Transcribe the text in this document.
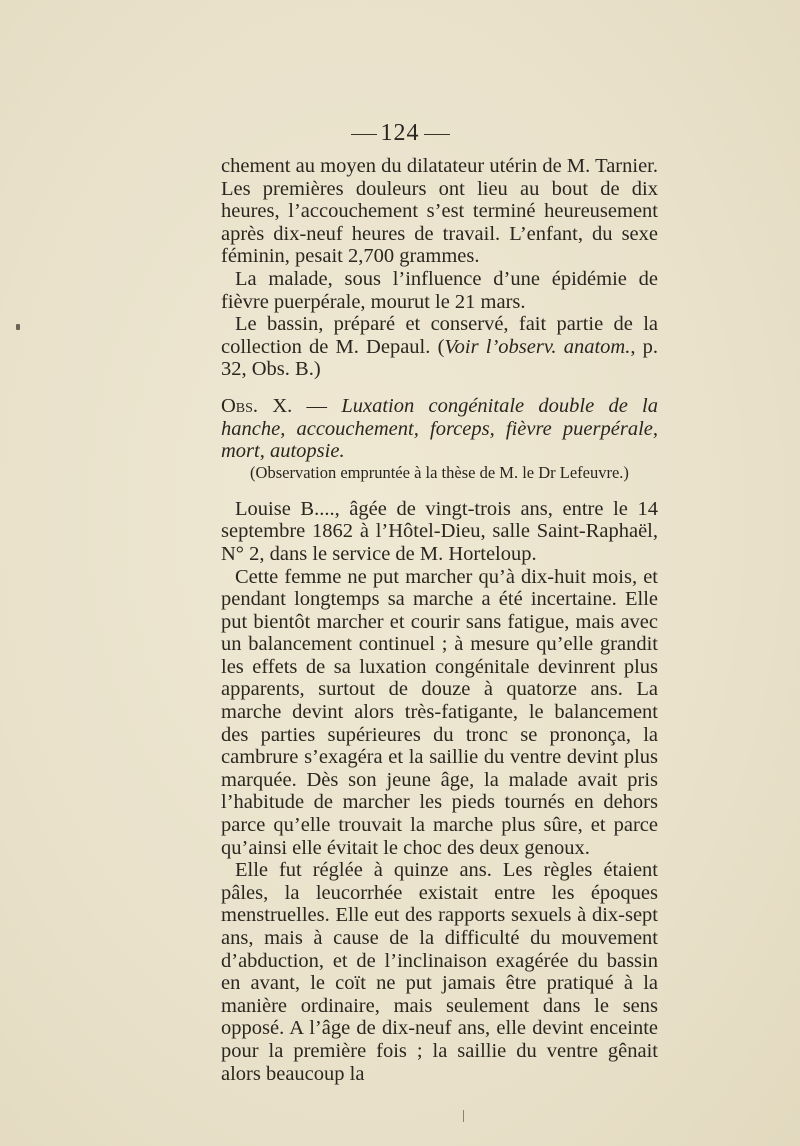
124

chement au moyen du dilatateur utérin de M. Tarnier. Les premières douleurs ont lieu au bout de dix heures, l’accouchement s’est terminé heureusement après dix-neuf heures de travail. L’enfant, du sexe féminin, pesait 2,700 grammes.

La malade, sous l’influence d’une épidémie de fièvre puerpérale, mourut le 21 mars.

Le bassin, préparé et conservé, fait partie de la collection de M. Depaul. (Voir l’observ. anatom., p. 32, Obs. B.)

Obs. X. — Luxation congénitale double de la hanche, accouchement, forceps, fièvre puerpérale, mort, autopsie.

(Observation empruntée à la thèse de M. le Dr Lefeuvre.)

Louise B...., âgée de vingt-trois ans, entre le 14 septembre 1862 à l’Hôtel-Dieu, salle Saint-Raphaël, N° 2, dans le service de M. Horteloup.

Cette femme ne put marcher qu’à dix-huit mois, et pendant longtemps sa marche a été incertaine. Elle put bientôt marcher et courir sans fatigue, mais avec un balancement continuel ; à mesure qu’elle grandit les effets de sa luxation congénitale devinrent plus apparents, surtout de douze à quatorze ans. La marche devint alors très-fatigante, le balancement des parties supérieures du tronc se prononça, la cambrure s’exagéra et la saillie du ventre devint plus marquée. Dès son jeune âge, la malade avait pris l’habitude de marcher les pieds tournés en dehors parce qu’elle trouvait la marche plus sûre, et parce qu’ainsi elle évitait le choc des deux genoux.

Elle fut réglée à quinze ans. Les règles étaient pâles, la leucorrhée existait entre les époques menstruelles. Elle eut des rapports sexuels à dix-sept ans, mais à cause de la difficulté du mouvement d’abduction, et de l’inclinaison exagérée du bassin en avant, le coït ne put jamais être pratiqué à la manière ordinaire, mais seulement dans le sens opposé. A l’âge de dix-neuf ans, elle devint enceinte pour la première fois ; la saillie du ventre gênait alors beaucoup la
